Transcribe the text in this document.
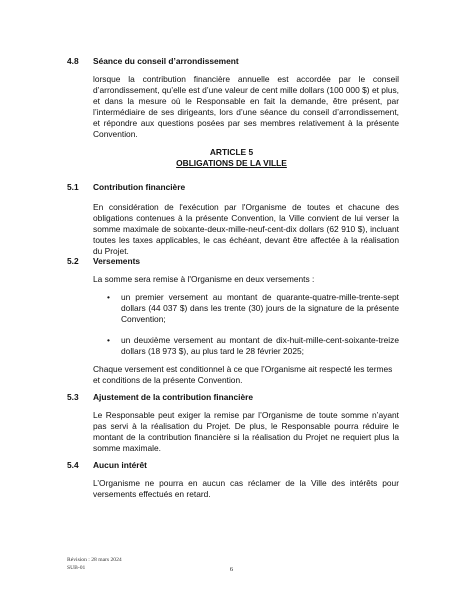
4.8 Séance du conseil d’arrondissement

lorsque la contribution financière annuelle est accordée par le conseil d’arrondissement, qu’elle est d’une valeur de cent mille dollars (100 000 $) et plus, et dans la mesure où le Responsable en fait la demande, être présent, par l’intermédiaire de ses dirigeants, lors d’une séance du conseil d’arrondissement, et répondre aux questions posées par ses membres relativement à la présente Convention.

ARTICLE 5
OBLIGATIONS DE LA VILLE
5.1 Contribution financière

En considération de l'exécution par l'Organisme de toutes et chacune des obligations contenues à la présente Convention, la Ville convient de lui verser la somme maximale de soixante-deux-mille-neuf-cent-dix dollars (62 910 $), incluant toutes les taxes applicables, le cas échéant, devant être affectée à la réalisation du Projet.

5.2 Versements

La somme sera remise à l'Organisme en deux versements :

• un premier versement au montant de quarante-quatre-mille-trente-sept dollars (44 037 $) dans les trente (30) jours de la signature de la présente Convention;

• un deuxième versement au montant de dix-huit-mille-cent-soixante-treize dollars (18 973 $), au plus tard le 28 février 2025;

Chaque versement est conditionnel à ce que l’Organisme ait respecté les termes et conditions de la présente Convention.

5.3 Ajustement de la contribution financière

Le Responsable peut exiger la remise par l’Organisme de toute somme n’ayant pas servi à la réalisation du Projet. De plus, le Responsable pourra réduire le montant de la contribution financière si la réalisation du Projet ne requiert plus la somme maximale.

5.4 Aucun intérêt

L’Organisme ne pourra en aucun cas réclamer de la Ville des intérêts pour versements effectués en retard.

Révision : 28 mars 2024
SUB-01	6
